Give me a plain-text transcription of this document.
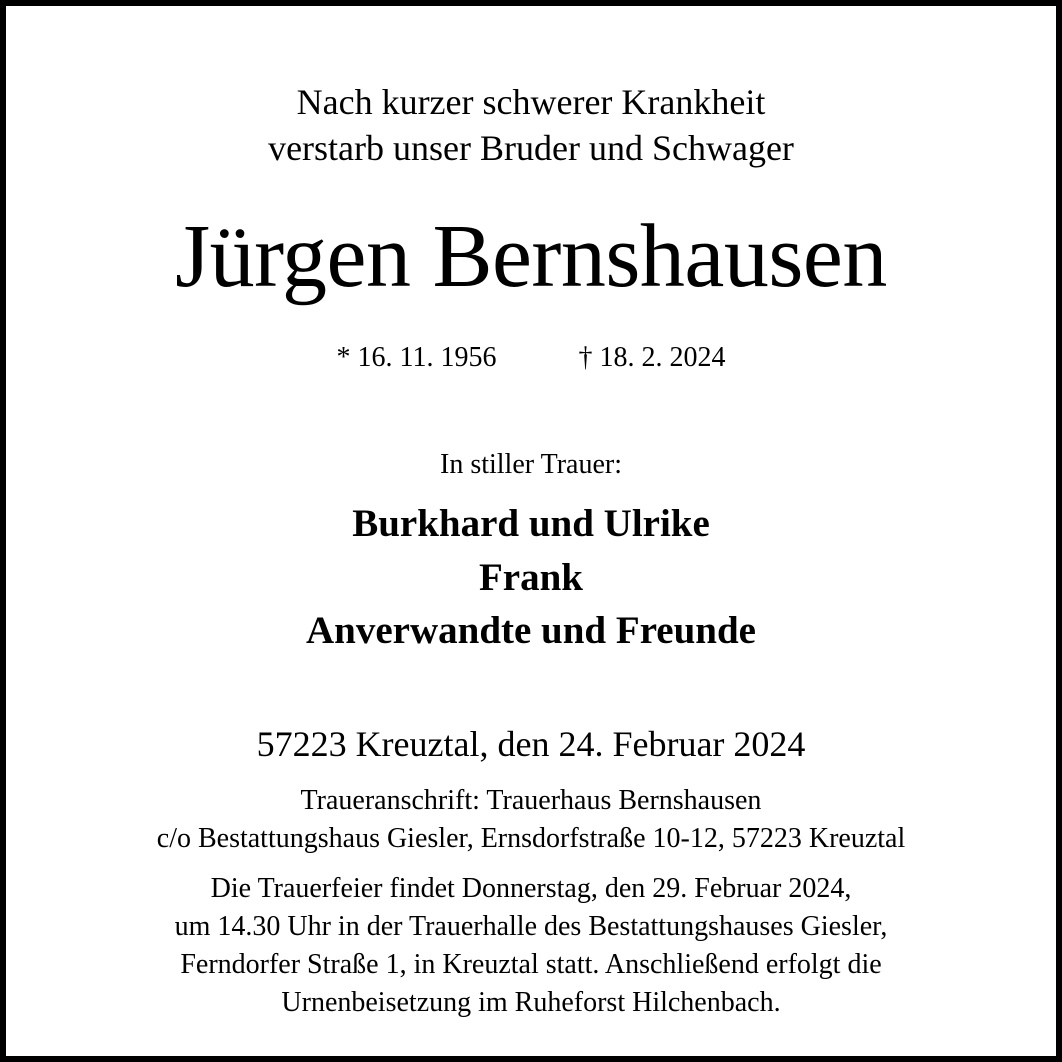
Nach kurzer schwerer Krankheit
verstarb unser Bruder und Schwager
Jürgen Bernshausen
* 16. 11. 1956	† 18. 2. 2024
In stiller Trauer:
Burkhard und Ulrike
Frank
Anverwandte und Freunde
57223 Kreuztal, den 24. Februar 2024
Traueranschrift: Trauerhaus Bernshausen
c/o Bestattungshaus Giesler, Ernsdorfstraße 10-12, 57223 Kreuztal
Die Trauerfeier findet Donnerstag, den 29. Februar 2024,
um 14.30 Uhr in der Trauerhalle des Bestattungshauses Giesler,
Ferndorfer Straße 1, in Kreuztal statt. Anschließend erfolgt die
Urnenbeisetzung im Ruheforst Hilchenbach.
